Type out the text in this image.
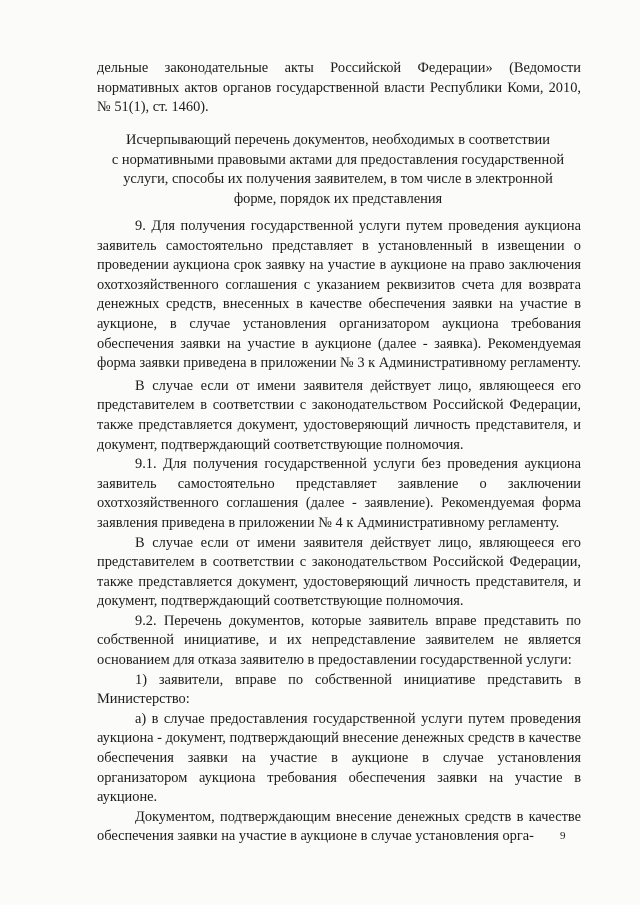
дельные законодательные акты Российской Федерации» (Ведомости нормативных актов органов государственной власти Республики Коми, 2010, № 51(1), ст. 1460).

Исчерпывающий перечень документов, необходимых в соответствии
с нормативными правовыми актами для предоставления государственной
услуги, способы их получения заявителем, в том числе в электронной
форме, порядок их представления

9. Для получения государственной услуги путем проведения аукциона заявитель самостоятельно представляет в установленный в извещении о проведении аукциона срок заявку на участие в аукционе на право заключения охотхозяйственного соглашения с указанием реквизитов счета для возврата денежных средств, внесенных в качестве обеспечения заявки на участие в аукционе, в случае установления организатором аукциона требования обеспечения заявки на участие в аукционе (далее - заявка). Рекомендуемая форма заявки приведена в приложении № 3 к Административному регламенту.

В случае если от имени заявителя действует лицо, являющееся его представителем в соответствии с законодательством Российской Федерации, также представляется документ, удостоверяющий личность представителя, и документ, подтверждающий соответствующие полномочия.

9.1. Для получения государственной услуги без проведения аукциона заявитель самостоятельно представляет заявление о заключении охотхозяйственного соглашения (далее - заявление). Рекомендуемая форма заявления приведена в приложении № 4 к Административному регламенту.

В случае если от имени заявителя действует лицо, являющееся его представителем в соответствии с законодательством Российской Федерации, также представляется документ, удостоверяющий личность представителя, и документ, подтверждающий соответствующие полномочия.

9.2. Перечень документов, которые заявитель вправе представить по собственной инициативе, и их непредставление заявителем не является основанием для отказа заявителю в предоставлении государственной услуги:

1) заявители, вправе по собственной инициативе представить в Министерство:

а) в случае предоставления государственной услуги путем проведения аукциона - документ, подтверждающий внесение денежных средств в качестве обеспечения заявки на участие в аукционе в случае установления организатором аукциона требования обеспечения заявки на участие в аукционе.

Документом, подтверждающим внесение денежных средств в качестве обеспечения заявки на участие в аукционе в случае установления орга-	9
